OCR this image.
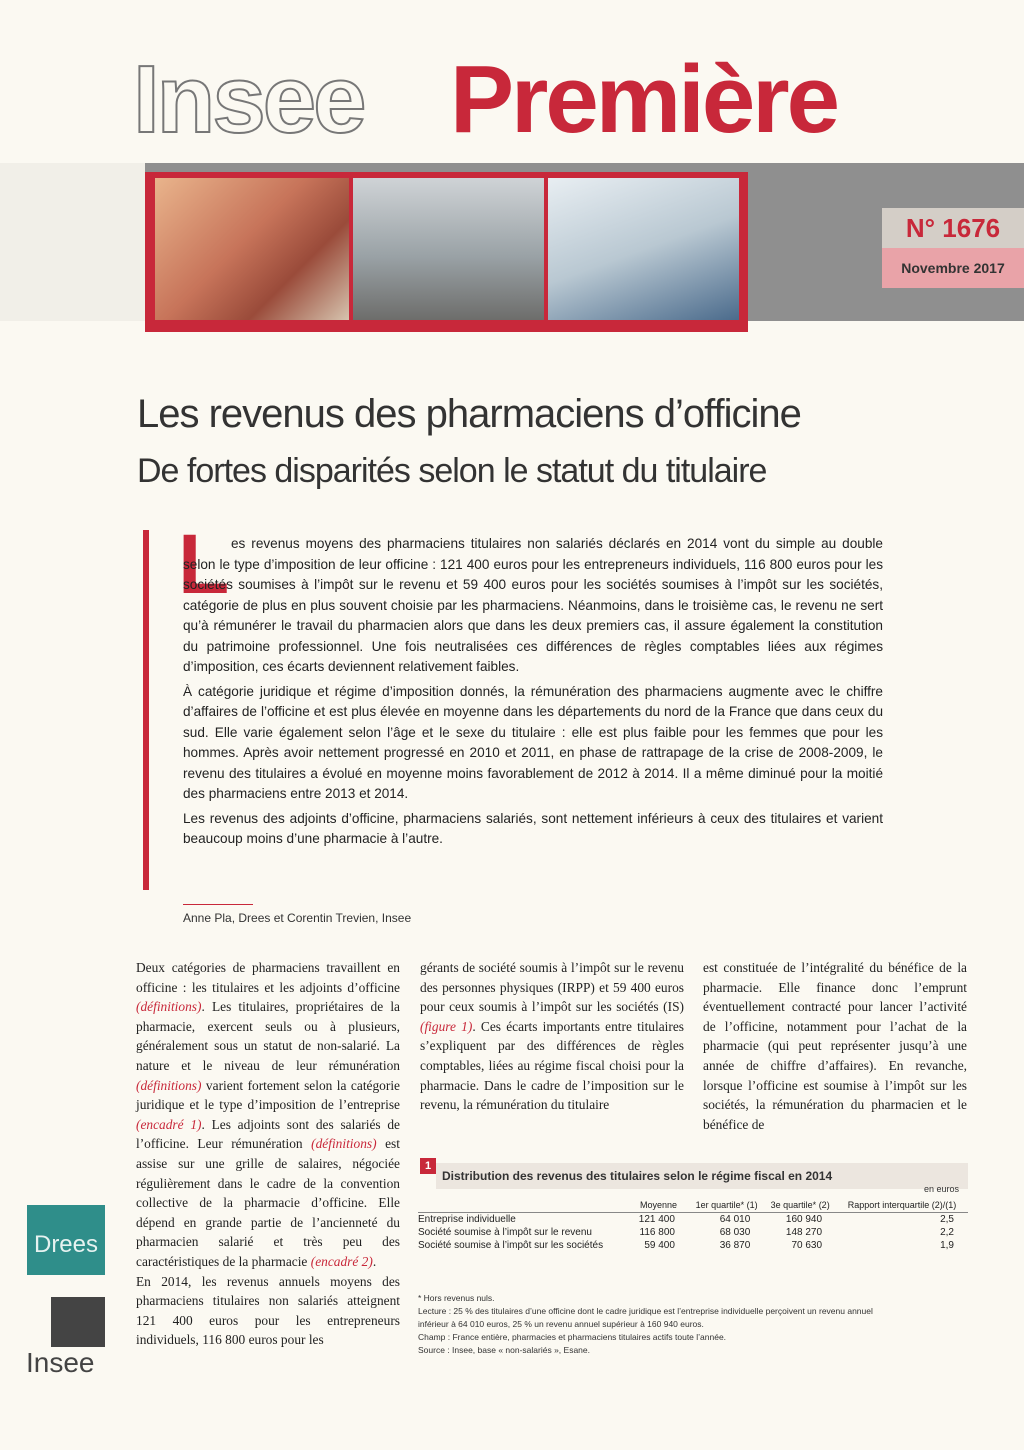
Insee Première
N° 1676
Novembre 2017
Les revenus des pharmaciens d’officine
De fortes disparités selon le statut du titulaire
L es revenus moyens des pharmaciens titulaires non salariés déclarés en 2014 vont du simple au double selon le type d’imposition de leur officine : 121 400 euros pour les entrepreneurs individuels, 116 800 euros pour les sociétés soumises à l’impôt sur le revenu et 59 400 euros pour les sociétés soumises à l’impôt sur les sociétés, catégorie de plus en plus souvent choisie par les pharmaciens. Néanmoins, dans le troisième cas, le revenu ne sert qu’à rémunérer le travail du pharmacien alors que dans les deux premiers cas, il assure également la constitution du patrimoine professionnel. Une fois neutralisées ces différences de règles comptables liées aux régimes d’imposition, ces écarts deviennent relativement faibles.

À catégorie juridique et régime d’imposition donnés, la rémunération des pharmaciens augmente avec le chiffre d’affaires de l’officine et est plus élevée en moyenne dans les départements du nord de la France que dans ceux du sud. Elle varie également selon l’âge et le sexe du titulaire : elle est plus faible pour les femmes que pour les hommes. Après avoir nettement progressé en 2010 et 2011, en phase de rattrapage de la crise de 2008-2009, le revenu des titulaires a évolué en moyenne moins favorablement de 2012 à 2014. Il a même diminué pour la moitié des pharmaciens entre 2013 et 2014.

Les revenus des adjoints d’officine, pharmaciens salariés, sont nettement inférieurs à ceux des titulaires et varient beaucoup moins d’une pharmacie à l’autre.

Anne Pla, Drees et Corentin Trevien, Insee

Deux catégories de pharmaciens travaillent en officine : les titulaires et les adjoints d’officine (définitions). Les titulaires, propriétaires de la pharmacie, exercent seuls ou à plusieurs, généralement sous un statut de non-salarié. La nature et le niveau de leur rémunération (définitions) varient fortement selon la catégorie juridique et le type d’imposition de l’entreprise (encadré 1). Les adjoints sont des salariés de l’officine. Leur rémunération (définitions) est assise sur une grille de salaires, négociée régulièrement dans le cadre de la convention collective de la pharmacie d’officine. Elle dépend en grande partie de l’ancienneté du pharmacien salarié et très peu des caractéristiques de la pharmacie (encadré 2).

En 2014, les revenus annuels moyens des pharmaciens titulaires non salariés atteignent 121 400 euros pour les entrepreneurs individuels, 116 800 euros pour les

gérants de société soumis à l’impôt sur le revenu des personnes physiques (IRPP) et 59 400 euros pour ceux soumis à l’impôt sur les sociétés (IS) (figure 1). Ces écarts importants entre titulaires s’expliquent par des différences de règles comptables, liées au régime fiscal choisi pour la pharmacie. Dans le cadre de l’imposition sur le revenu, la rémunération du titulaire

est constituée de l’intégralité du bénéfice de la pharmacie. Elle finance donc l’emprunt éventuellement contracté pour lancer l’activité de l’officine, notamment pour l’achat de la pharmacie (qui peut représenter jusqu’à une année de chiffre d’affaires). En revanche, lorsque l’officine est soumise à l’impôt sur les sociétés, la rémunération du pharmacien et le bénéfice de

1
Distribution des revenus des titulaires selon le régime fiscal en 2014
en euros
	Moyenne	1er quartile* (1)	3e quartile* (2)	Rapport interquartile (2)/(1)
Entreprise individuelle	121 400	64 010	160 940	2,5
Société soumise à l’impôt sur le revenu	116 800	68 030	148 270	2,2
Société soumise à l’impôt sur les sociétés	59 400	36 870	70 630	1,9
* Hors revenus nuls.
Lecture : 25 % des titulaires d’une officine dont le cadre juridique est l’entreprise individuelle perçoivent un revenu annuel
inférieur à 64 010 euros, 25 % un revenu annuel supérieur à 160 940 euros.
Champ : France entière, pharmacies et pharmaciens titulaires actifs toute l’année.
Source : Insee, base « non-salariés », Esane.
Drees
Insee
